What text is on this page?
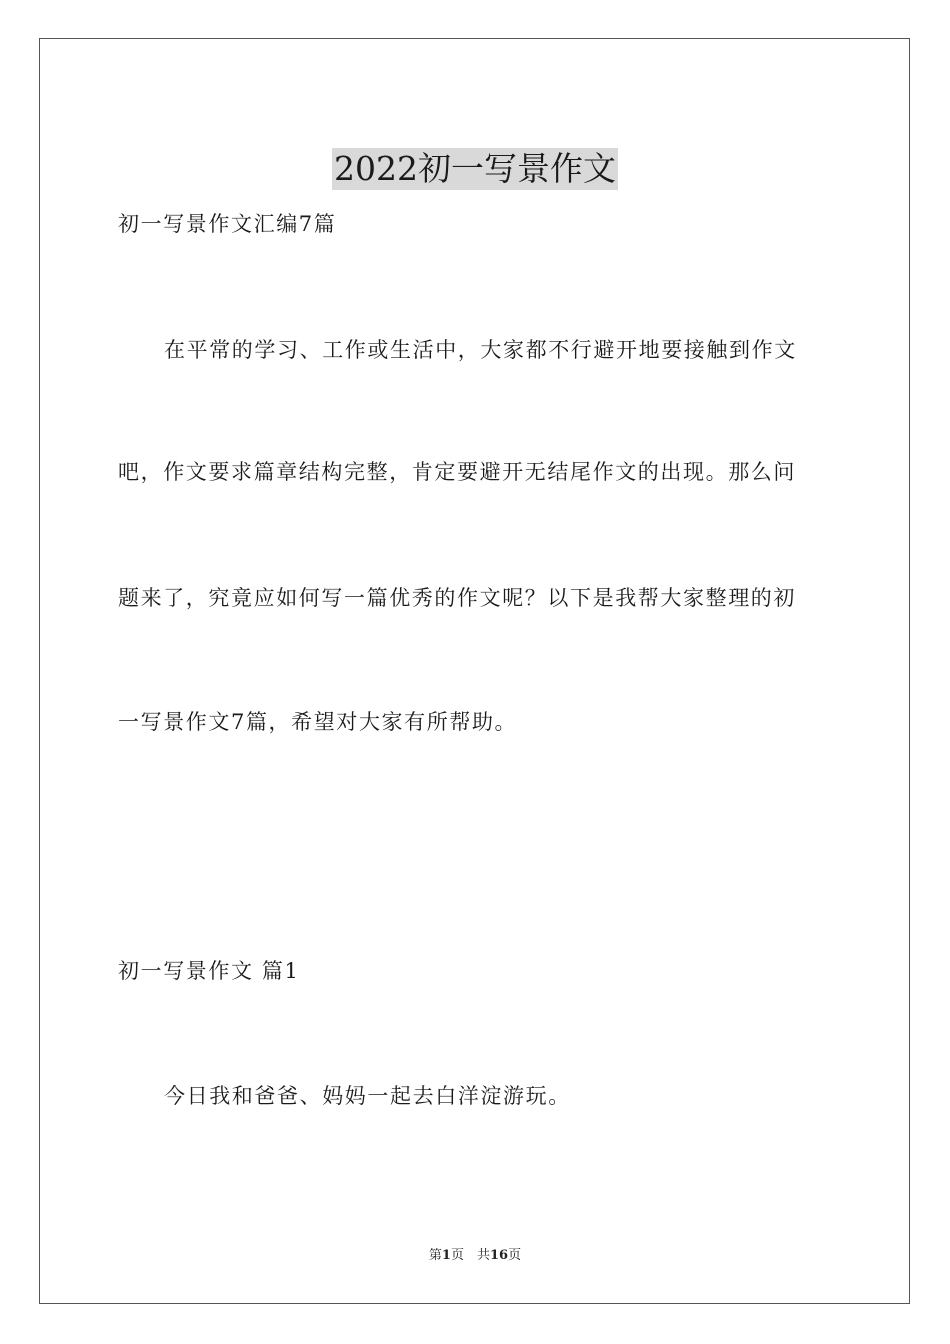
2022初一写景作文
初一写景作文汇编7篇
在平常的学习、工作或生活中，大家都不行避开地要接触到作文
吧，作文要求篇章结构完整，肯定要避开无结尾作文的出现。那么问
题来了，究竟应如何写一篇优秀的作文呢？以下是我帮大家整理的初
一写景作文7篇，希望对大家有所帮助。
初一写景作文 篇1
今日我和爸爸、妈妈一起去白洋淀游玩。
第1页　共16页
